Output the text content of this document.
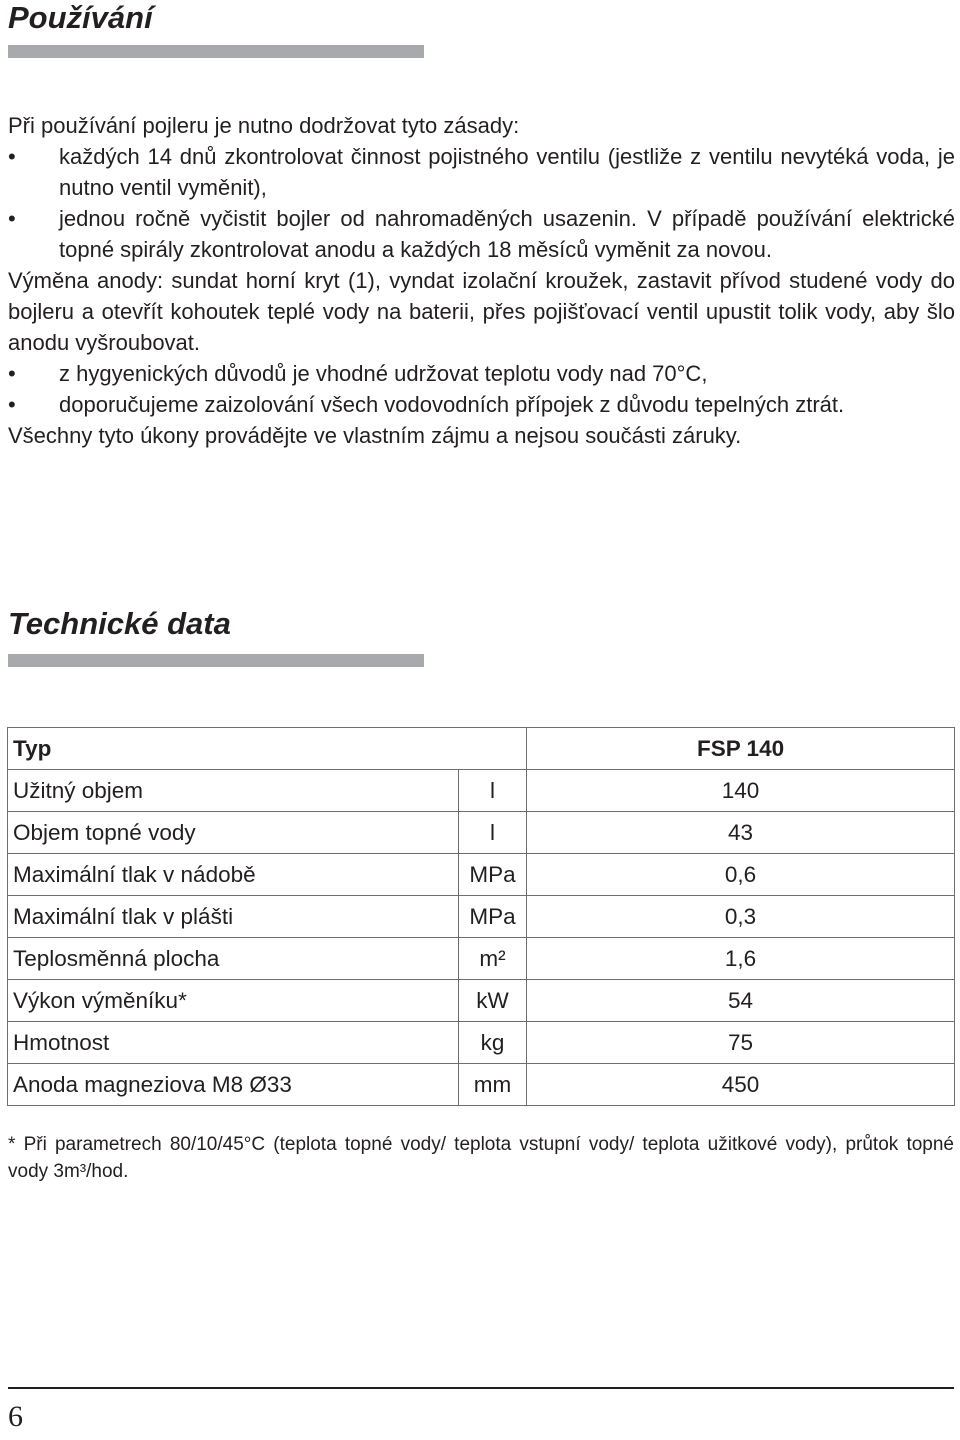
Používání

Při používání pojleru je nutno dodržovat tyto zásady:

•	každých 14 dnů zkontrolovat činnost pojistného ventilu (jestliže z ventilu nevytéká voda, je nutno ventil vyměnit),
•	jednou ročně vyčistit bojler od nahromaděných usazenin. V případě používání elektrické topné spirály zkontrolovat anodu a každých 18 měsíců vyměnit za novou.

Výměna anody: sundat horní kryt (1), vyndat izolační kroužek, zastavit přívod studené vody do bojleru a otevřít kohoutek teplé vody na baterii, přes pojišťovací ventil upustit tolik vody, aby šlo anodu vyšroubovat.

•	z hygyenických důvodů je vhodné udržovat teplotu vody nad 70°C,
•	doporučujeme zaizolování všech vodovodních přípojek z důvodu tepelných ztrát.

Všechny tyto úkony provádějte ve vlastním zájmu a nejsou součásti záruky.

Technické data
Typ		FSP 140
Užitný objem	l	140
Objem topné vody	l	43
Maximální tlak v nádobě	MPa	0,6
Maximální tlak v plášti	MPa	0,3
Teplosměnná plocha	m²	1,6
Výkon výměníku*	kW	54
Hmotnost	kg	75
Anoda magneziova M8 Ø33	mm	450

* Při parametrech 80/10/45°C (teplota topné vody/ teplota vstupní vody/ teplota užitkové vody), průtok topné vody 3m³/hod.

6
